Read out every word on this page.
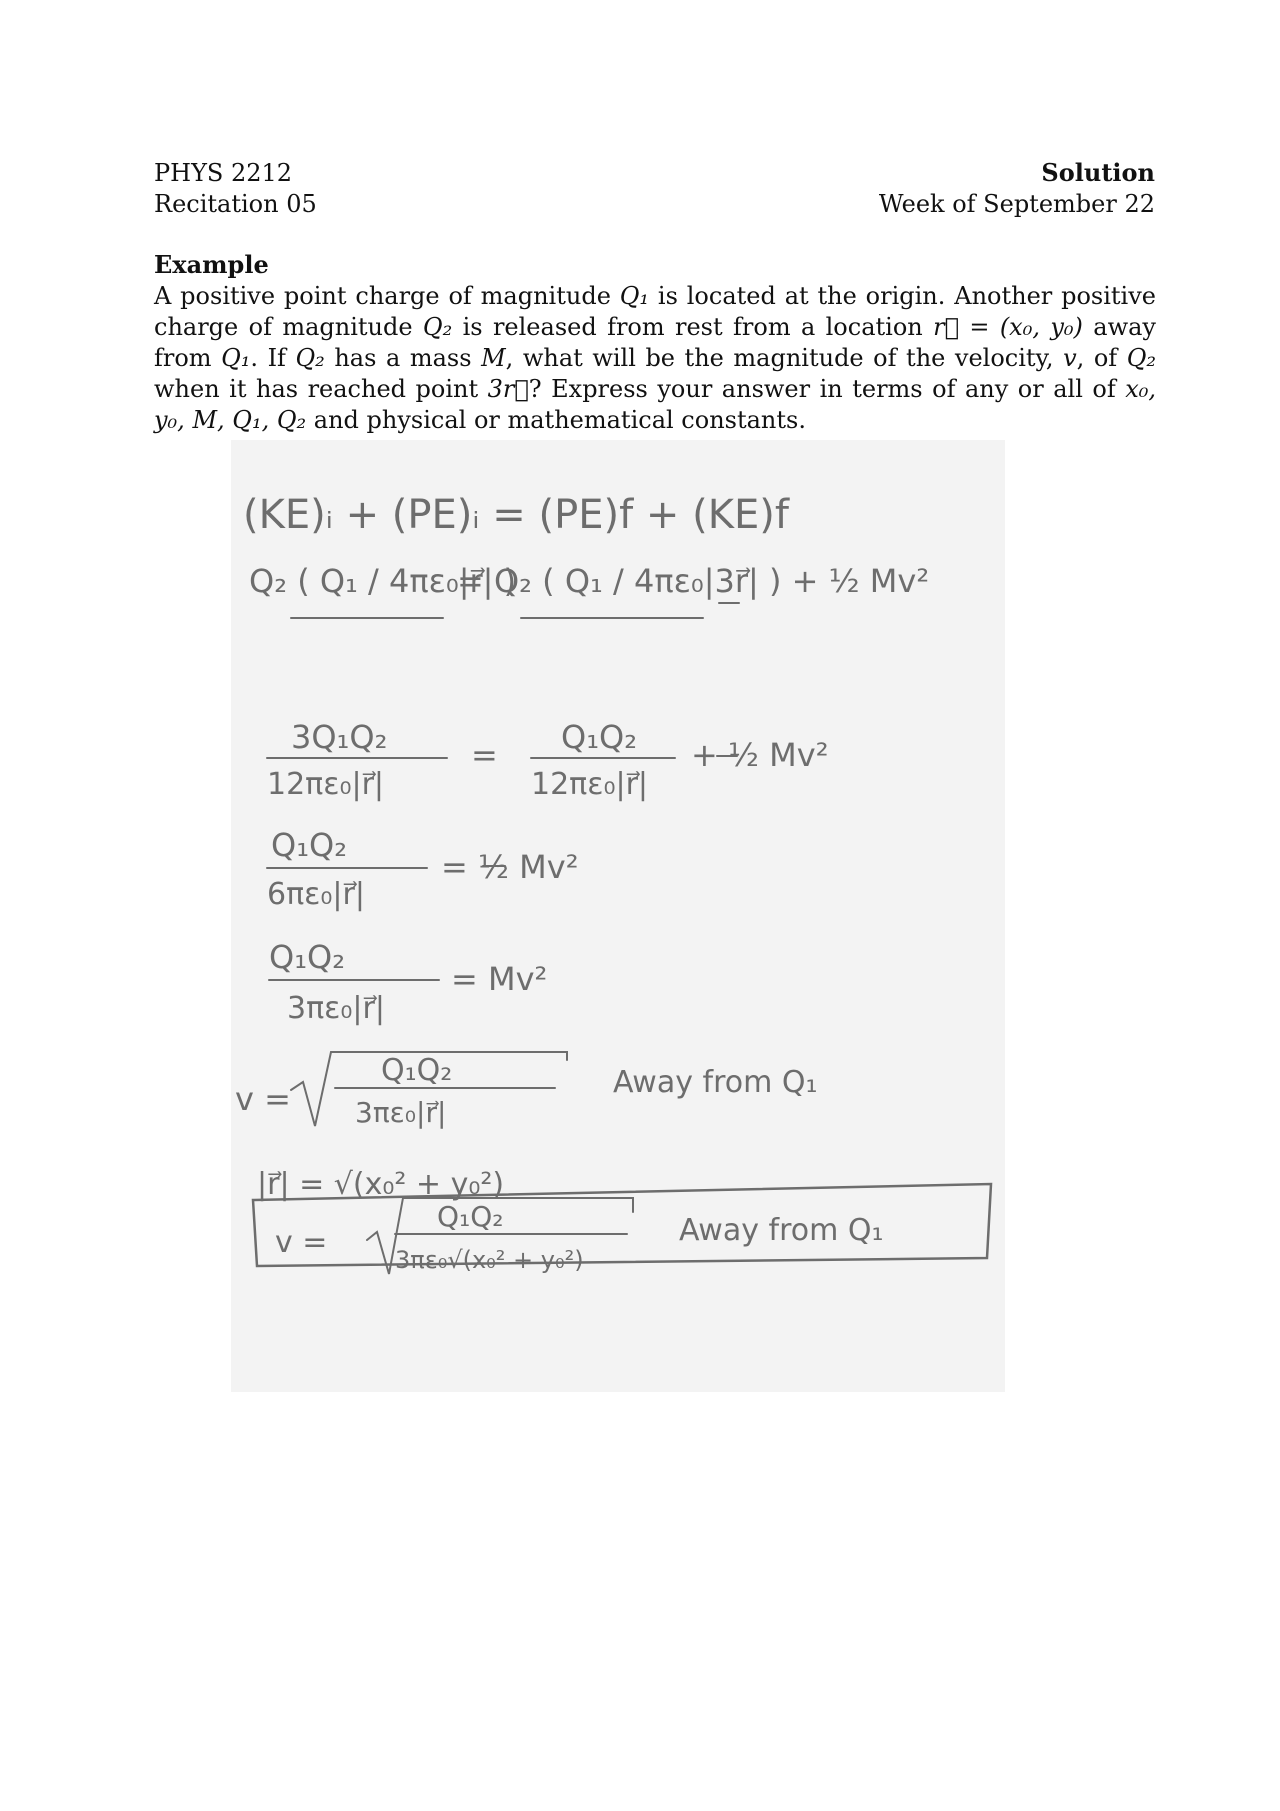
PHYS 2212
Recitation 05
Solution
Week of September 22
Example
A positive point charge of magnitude Q₁ is located at the origin. Another positive charge of magnitude Q₂ is released from rest from a location r⃗ = (x₀, y₀) away from Q₁. If Q₂ has a mass M, what will be the magnitude of the velocity, v, of Q₂ when it has reached point 3r⃗? Express your answer in terms of any or all of x₀, y₀, M, Q₁, Q₂ and physical or mathematical constants.
(KE)ᵢ + (PE)ᵢ = (PE)f + (KE)f
Q₂ ( Q₁ / 4πε₀|r⃗| )
= Q₂ ( Q₁ / 4πε₀|3r⃗| ) + ½ Mv²
3Q₁Q₂
12πε₀|r⃗|
= Q₁Q₂
12πε₀|r⃗|
+ ½ Mv²
Q₁Q₂
6πε₀|r⃗|
= ½ Mv²
Q₁Q₂
3πε₀|r⃗|
= Mv²
v =
Q₁Q₂
3πε₀|r⃗|
Away from Q₁
|r⃗| = √(x₀² + y₀²)
v =
Q₁Q₂
3πε₀√(x₀² + y₀²)
Away from Q₁
